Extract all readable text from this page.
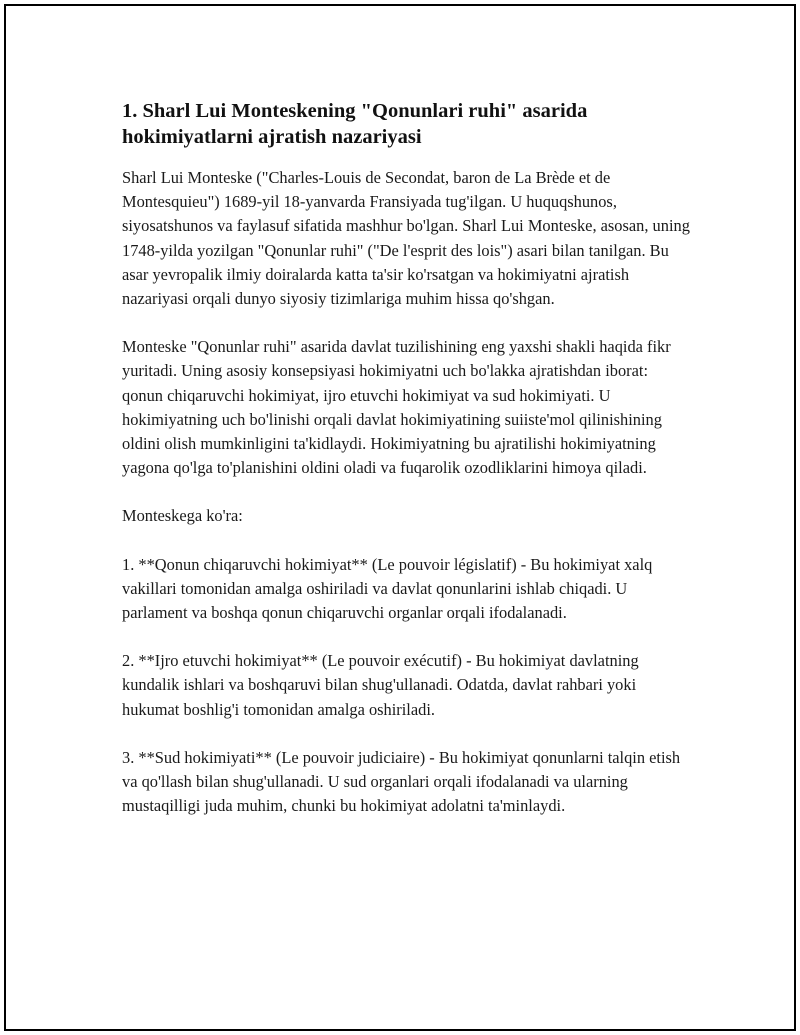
1. Sharl Lui Monteskening "Qonunlari ruhi" asarida hokimiyatlarni ajratish nazariyasi

Sharl Lui Monteske ("Charles-Louis de Secondat, baron de La Brède et de Montesquieu") 1689-yil 18-yanvarda Fransiyada tug'ilgan. U huquqshunos, siyosatshunos va faylasuf sifatida mashhur bo'lgan. Sharl Lui Monteske, asosan, uning 1748-yilda yozilgan "Qonunlar ruhi" ("De l'esprit des lois") asari bilan tanilgan. Bu asar yevropalik ilmiy doiralarda katta ta'sir ko'rsatgan va hokimiyatni ajratish nazariyasi orqali dunyo siyosiy tizimlariga muhim hissa qo'shgan.

Monteske "Qonunlar ruhi" asarida davlat tuzilishining eng yaxshi shakli haqida fikr yuritadi. Uning asosiy konsepsiyasi hokimiyatni uch bo'lakka ajratishdan iborat: qonun chiqaruvchi hokimiyat, ijro etuvchi hokimiyat va sud hokimiyati. U hokimiyatning uch bo'linishi orqali davlat hokimiyatining suiiste'mol qilinishining oldini olish mumkinligini ta'kidlaydi. Hokimiyatning bu ajratilishi hokimiyatning yagona qo'lga to'planishini oldini oladi va fuqarolik ozodliklarini himoya qiladi.

Monteskega ko'ra:

1. **Qonun chiqaruvchi hokimiyat** (Le pouvoir législatif) - Bu hokimiyat xalq vakillari tomonidan amalga oshiriladi va davlat qonunlarini ishlab chiqadi. U parlament va boshqa qonun chiqaruvchi organlar orqali ifodalanadi.

2. **Ijro etuvchi hokimiyat** (Le pouvoir exécutif) - Bu hokimiyat davlatning kundalik ishlari va boshqaruvi bilan shug'ullanadi. Odatda, davlat rahbari yoki hukumat boshlig'i tomonidan amalga oshiriladi.

3. **Sud hokimiyati** (Le pouvoir judiciaire) - Bu hokimiyat qonunlarni talqin etish va qo'llash bilan shug'ullanadi. U sud organlari orqali ifodalanadi va ularning mustaqilligi juda muhim, chunki bu hokimiyat adolatni ta'minlaydi.
